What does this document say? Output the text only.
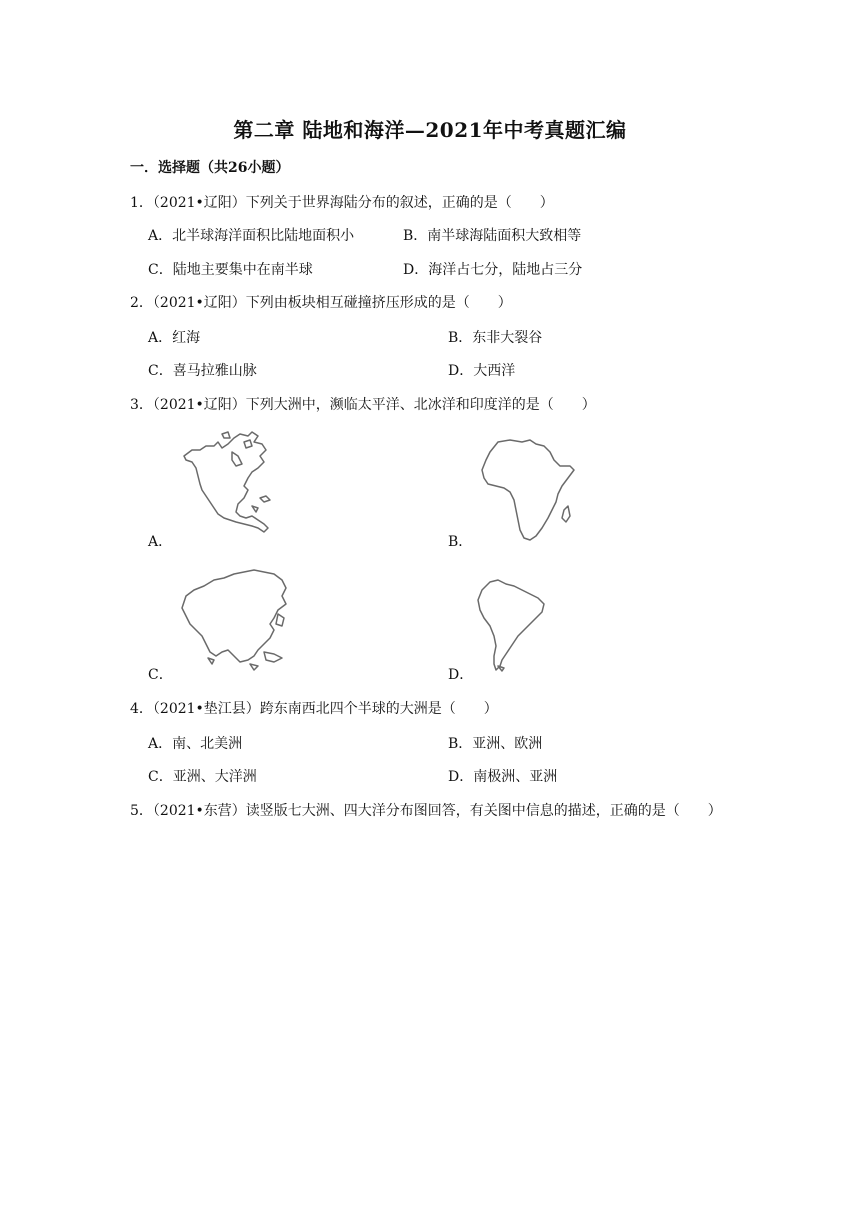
第二章 陆地和海洋—2021年中考真题汇编
一．选择题（共26小题）
1．（2021•辽阳）下列关于世界海陆分布的叙述，正确的是（　　）
A．北半球海洋面积比陆地面积小	B．南半球海陆面积大致相等
C．陆地主要集中在南半球	D．海洋占七分，陆地占三分
2．（2021•辽阳）下列由板块相互碰撞挤压形成的是（　　）
A．红海	B．东非大裂谷
C．喜马拉雅山脉	D．大西洋
3．（2021•辽阳）下列大洲中，濒临太平洋、北冰洋和印度洋的是（　　）
A．	B．
C．	D．
4．（2021•垫江县）跨东南西北四个半球的大洲是（　　）
A．南、北美洲	B．亚洲、欧洲
C．亚洲、大洋洲	D．南极洲、亚洲
5．（2021•东营）读竖版七大洲、四大洋分布图回答，有关图中信息的描述，正确的是（　　）
